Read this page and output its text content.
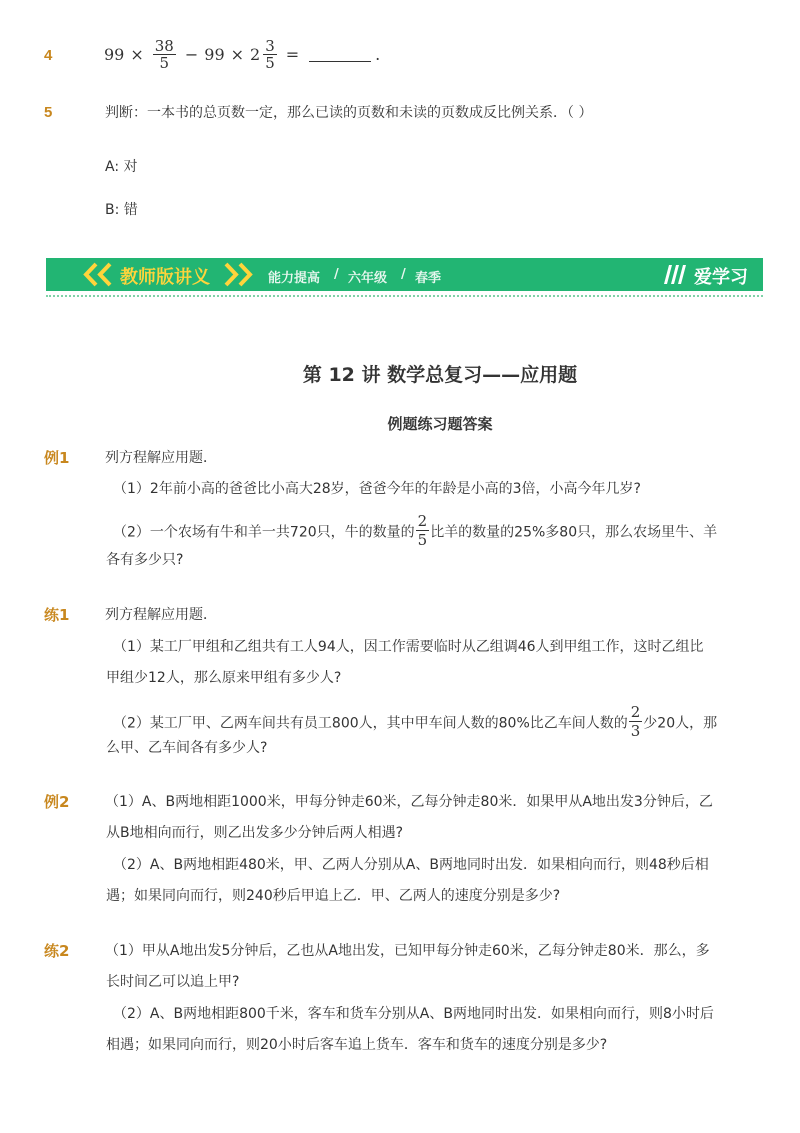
4	$99 \times \frac{38}{5} - 99 \times 2 \frac{3}{5}$ =	.
5	判断：一本书的总页数一定，那么已读的页数和未读的页数成反比例关系．（ ）
A: 对
B: 错
教师版讲义	能力提高 / 六年级 / 春季	爱学习
第 12 讲 数学总复习——应用题
例题练习题答案
例1	列方程解应用题．
（1）2年前小高的爸爸比小高大28岁，爸爸今年的年龄是小高的3倍，小高今年几岁?
（2）一个农场有牛和羊一共720只，牛的数量的 $\frac{2}{5}$ 比羊的数量的25%多80只，那么农场里牛、羊
各有多少只?
练1	列方程解应用题．
（1）某工厂甲组和乙组共有工人94人，因工作需要临时从乙组调46人到甲组工作，这时乙组比
甲组少12人，那么原来甲组有多少人?
（2）某工厂甲、乙两车间共有员工800人，其中甲车间人数的80%比乙车间人数的 $\frac{2}{3}$ 少20人，那
么甲、乙车间各有多少人?
例2	（1）A、B两地相距1000米，甲每分钟走60米，乙每分钟走80米．如果甲从A地出发3分钟后，乙
从B地相向而行，则乙出发多少分钟后两人相遇?
（2）A、B两地相距480米，甲、乙两人分别从A、B两地同时出发．如果相向而行，则48秒后相
遇；如果同向而行，则240秒后甲追上乙．甲、乙两人的速度分别是多少?
练2	（1）甲从A地出发5分钟后，乙也从A地出发，已知甲每分钟走60米，乙每分钟走80米．那么，多
长时间乙可以追上甲?
（2）A、B两地相距800千米，客车和货车分别从A、B两地同时出发．如果相向而行，则8小时后
相遇；如果同向而行，则20小时后客车追上货车．客车和货车的速度分别是多少?
